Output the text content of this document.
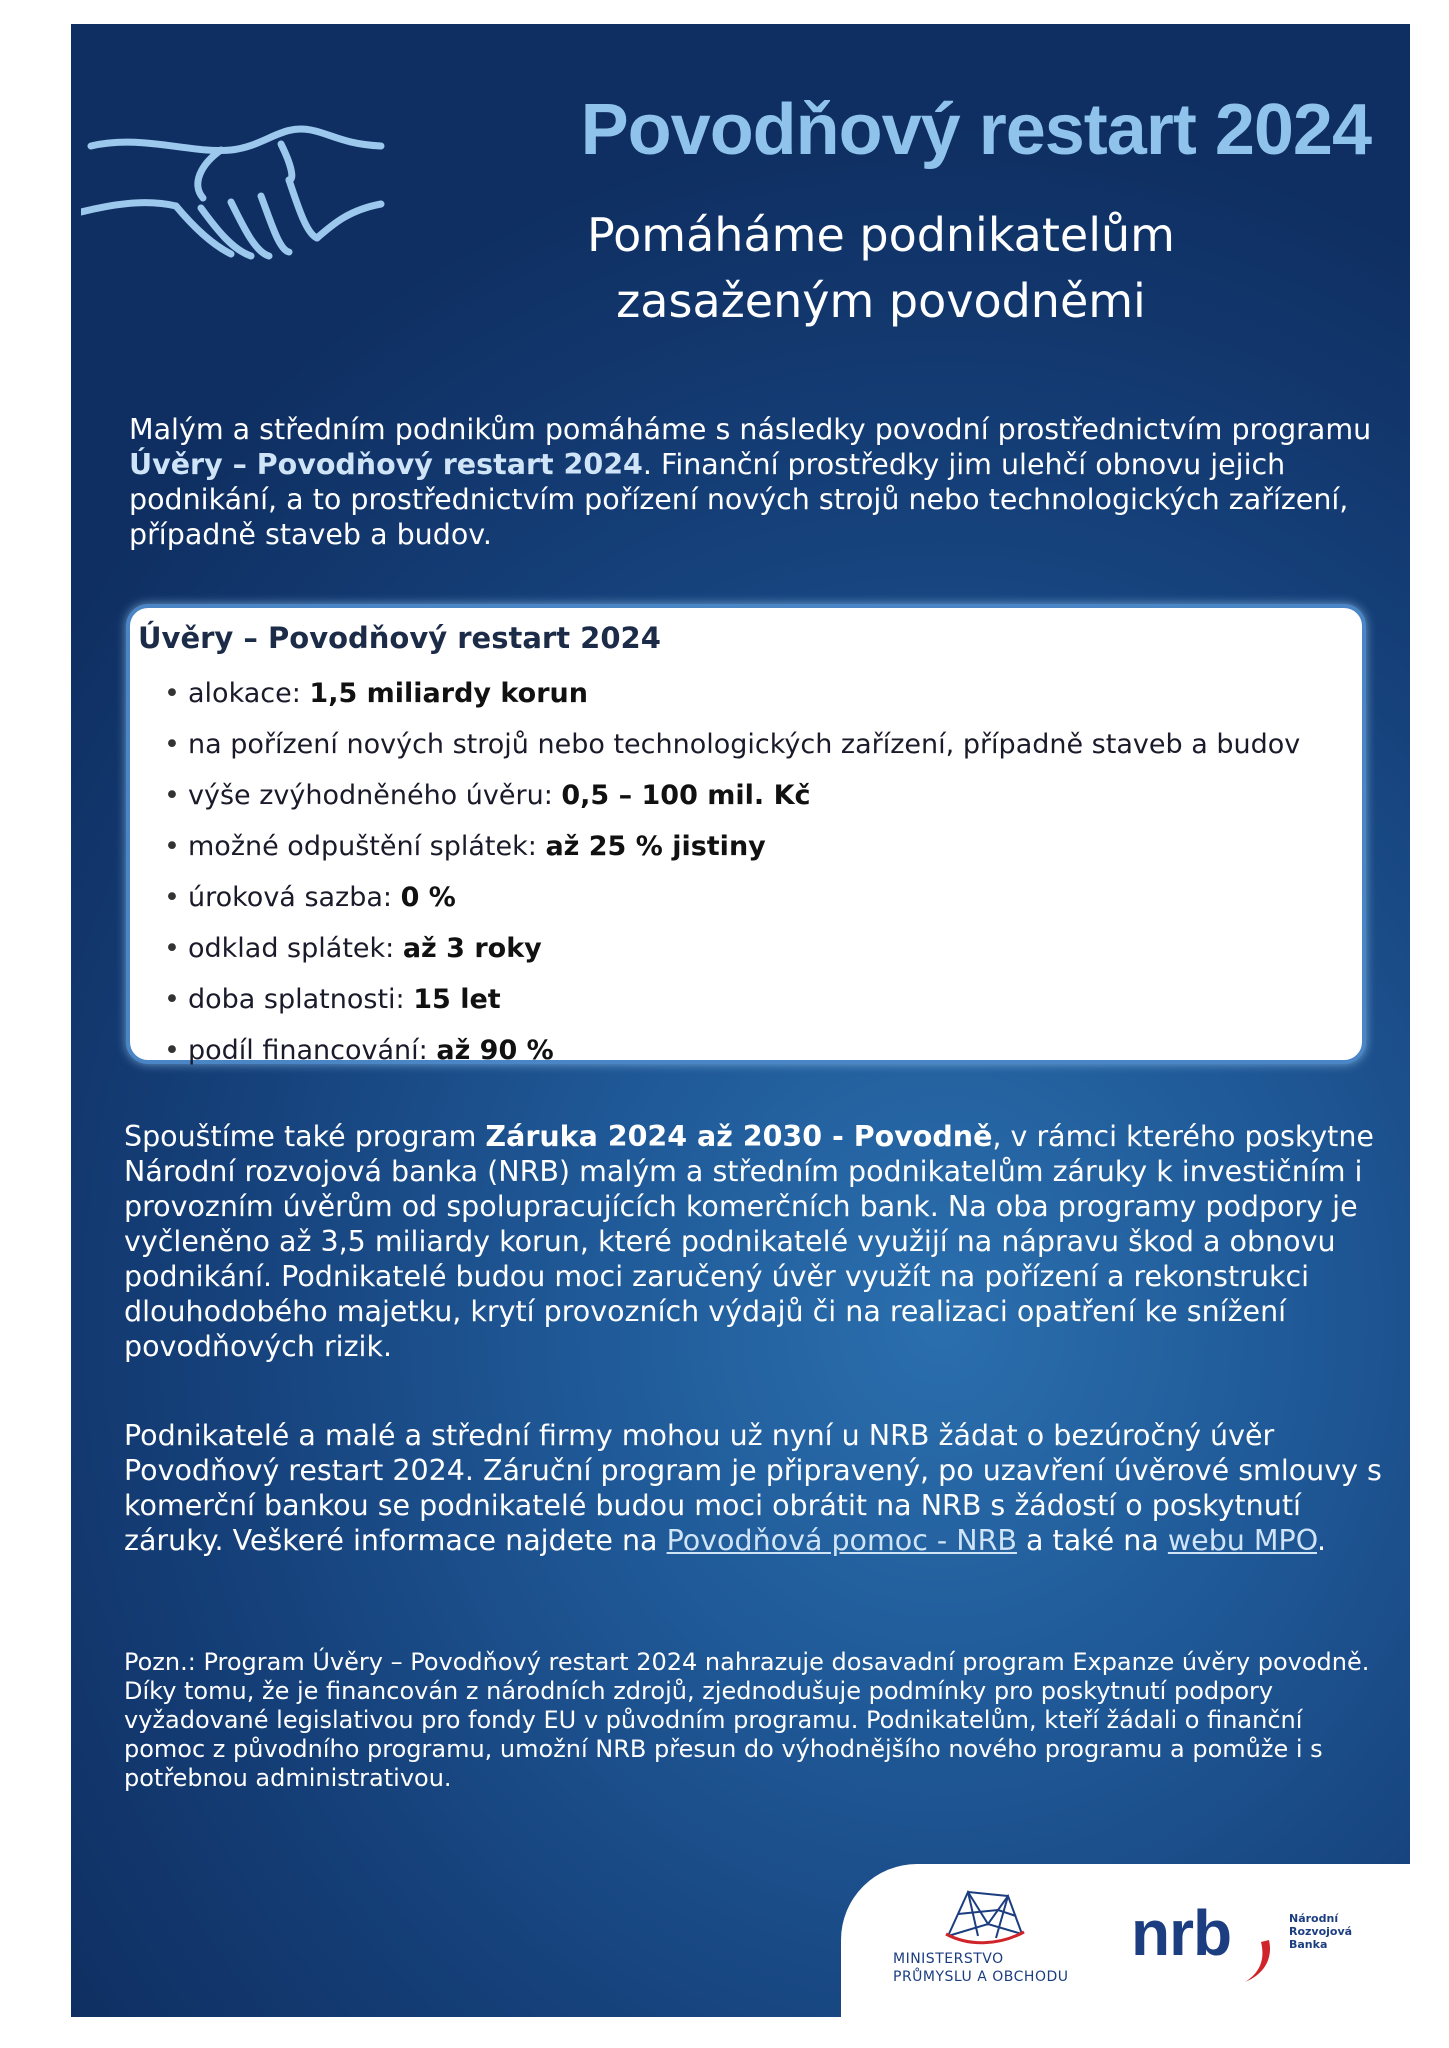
Povodňový restart 2024
Pomáháme podnikatelům
zasaženým povodněmi

Malým a středním podnikům pomáháme s následky povodní prostřednictvím programu Úvěry – Povodňový restart 2024. Finanční prostředky jim ulehčí obnovu jejich podnikání, a to prostřednictvím pořízení nových strojů nebo technologických zařízení, případně staveb a budov.

Úvěry – Povodňový restart 2024
• alokace: 1,5 miliardy korun
• na pořízení nových strojů nebo technologických zařízení, případně staveb a budov
• výše zvýhodněného úvěru: 0,5 – 100 mil. Kč
• možné odpuštění splátek: až 25 % jistiny
• úroková sazba: 0 %
• odklad splátek: až 3 roky
• doba splatnosti: 15 let
• podíl financování: až 90 %

Spouštíme také program Záruka 2024 až 2030 - Povodně, v rámci kterého poskytne Národní rozvojová banka (NRB) malým a středním podnikatelům záruky k investičním i provozním úvěrům od spolupracujících komerčních bank. Na oba programy podpory je vyčleněno až 3,5 miliardy korun, které podnikatelé využijí na nápravu škod a obnovu podnikání. Podnikatelé budou moci zaručený úvěr využít na pořízení a rekonstrukci dlouhodobého majetku, krytí provozních výdajů či na realizaci opatření ke snížení povodňových rizik.

Podnikatelé a malé a střední firmy mohou už nyní u NRB žádat o bezúročný úvěr Povodňový restart 2024. Záruční program je připravený, po uzavření úvěrové smlouvy s komerční bankou se podnikatelé budou moci obrátit na NRB s žádostí o poskytnutí záruky. Veškeré informace najdete na Povodňová pomoc - NRB a také na webu MPO.

Pozn.: Program Úvěry – Povodňový restart 2024 nahrazuje dosavadní program Expanze úvěry povodně. Díky tomu, že je financován z národních zdrojů, zjednodušuje podmínky pro poskytnutí podpory vyžadované legislativou pro fondy EU v původním programu. Podnikatelům, kteří žádali o finanční pomoc z původního programu, umožní NRB přesun do výhodnějšího nového programu a pomůže i s potřebnou administrativou.

MINISTERSTVO
PRŮMYSLU A OBCHODU
nrb	Národní
Rozvojová
Banka
